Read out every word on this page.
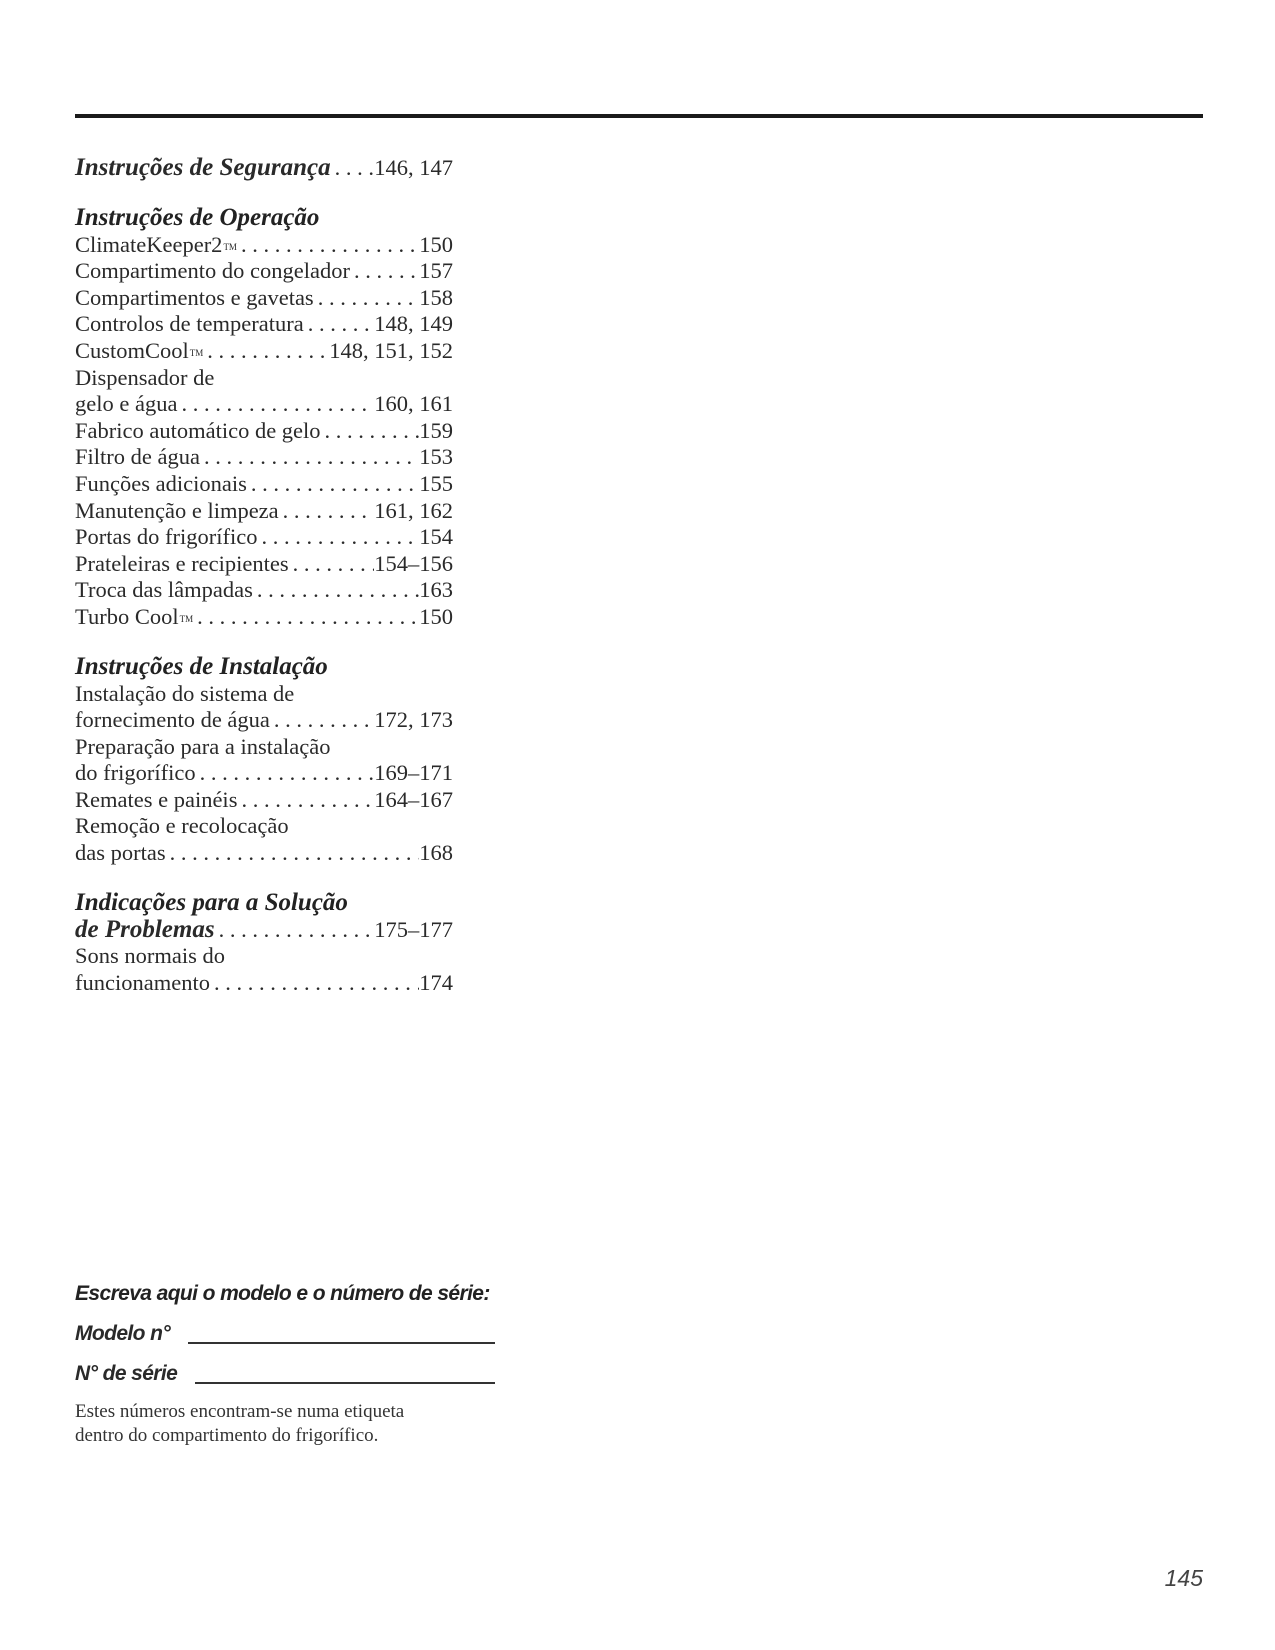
Instruções de Segurança . . . 146, 147
Instruções de Operação
ClimateKeeper2™ . . .	150
Compartimento do congelador . . .	157
Compartimentos e gavetas . . .	158
Controlos de temperatura . . .	148, 149
CustomCool™ . . .	148, 151, 152
Dispensador de
gelo e água . . .	160, 161
Fabrico automático de gelo . . .	159
Filtro de água . . .	153
Funções adicionais . . .	155
Manutenção e limpeza . . .	161, 162
Portas do frigorífico . . .	154
Prateleiras e recipientes . . .	154–156
Troca das lâmpadas . . .	163
Turbo Cool™ . . .	150
Instruções de Instalação
Instalação do sistema de
fornecimento de água . . .	172, 173
Preparação para a instalação
do frigorífico . . .	169–171
Remates e painéis . . .	164–167
Remoção e recolocação
das portas . . .	168
Indicações para a Solução
de Problemas . . .	175–177
Sons normais do
funcionamento . . .	174
Escreva aqui o modelo e o número de série:
Modelo n°
N° de série
Estes números encontram-se numa etiqueta
dentro do compartimento do frigorífico.
145
